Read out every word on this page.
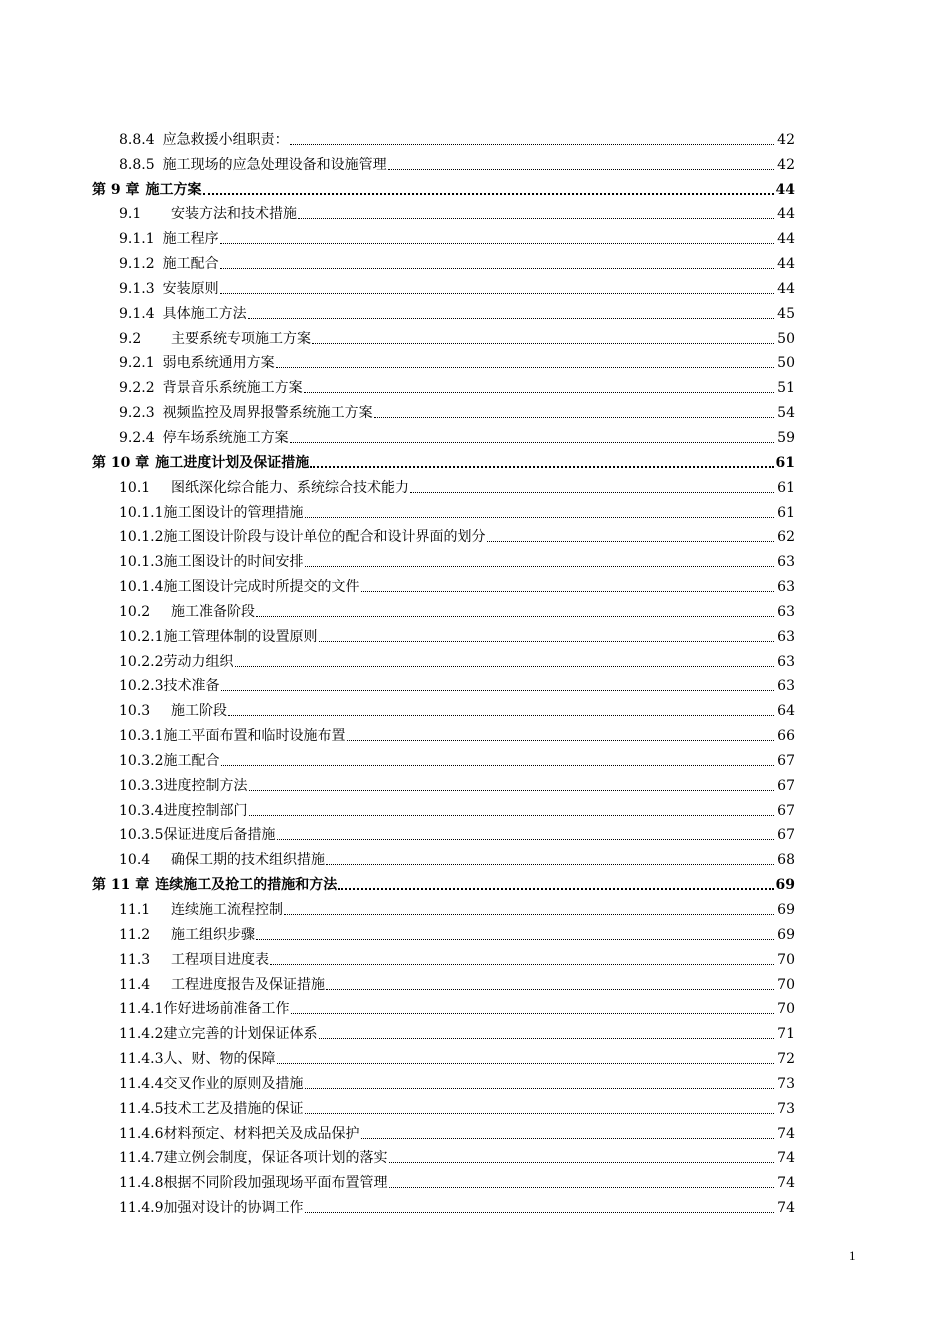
8.8.4 应急救援小组职责：	42
8.8.5 施工现场的应急处理设备和设施管理	42
第 9 章 施工方案	44
9.1	安装方法和技术措施	44
9.1.1 施工程序	44
9.1.2 施工配合	44
9.1.3 安装原则	44
9.1.4 具体施工方法	45
9.2	主要系统专项施工方案	50
9.2.1 弱电系统通用方案	50
9.2.2 背景音乐系统施工方案	51
9.2.3 视频监控及周界报警系统施工方案	54
9.2.4 停车场系统施工方案	59
第 10 章 施工进度计划及保证措施	61
10.1	图纸深化综合能力、系统综合技术能力	61
10.1.1 施工图设计的管理措施	61
10.1.2 施工图设计阶段与设计单位的配合和设计界面的划分	62
10.1.3 施工图设计的时间安排	63
10.1.4 施工图设计完成时所提交的文件	63
10.2	施工准备阶段	63
10.2.1 施工管理体制的设置原则	63
10.2.2 劳动力组织	63
10.2.3 技术准备	63
10.3	施工阶段	64
10.3.1 施工平面布置和临时设施布置	66
10.3.2 施工配合	67
10.3.3 进度控制方法	67
10.3.4 进度控制部门	67
10.3.5 保证进度后备措施	67
10.4	确保工期的技术组织措施	68
第 11 章 连续施工及抢工的措施和方法	69
11.1	连续施工流程控制	69
11.2	施工组织步骤	69
11.3	工程项目进度表	70
11.4	工程进度报告及保证措施	70
11.4.1 作好进场前准备工作	70
11.4.2 建立完善的计划保证体系	71
11.4.3 人、财、物的保障	72
11.4.4 交叉作业的原则及措施	73
11.4.5 技术工艺及措施的保证	73
11.4.6 材料预定、材料把关及成品保护	74
11.4.7 建立例会制度，保证各项计划的落实	74
11.4.8 根据不同阶段加强现场平面布置管理	74
11.4.9 加强对设计的协调工作	74
1
